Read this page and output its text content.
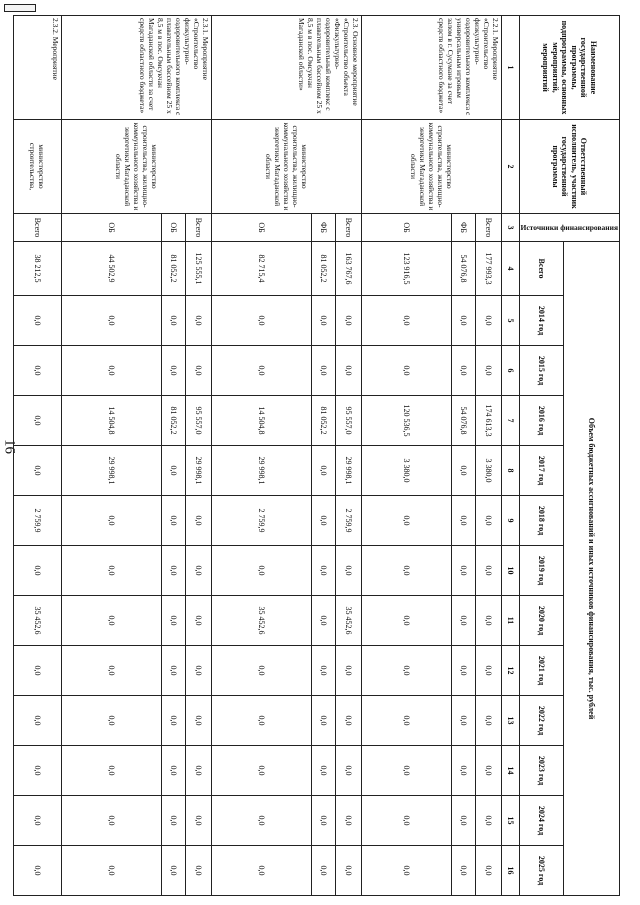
16
Наименование государственной программы, подпрограммы, основных мероприятий, мероприятий	Ответственный исполнитель, участник государственной программы	Источники финансирования	Объем бюджетных ассигнований и иных источников финансирования, тыс. рублей												
			Всего	2014 год	2015 год	2016 год	2017 год	2018 год	2019 год	2020 год	2021 год	2022 год	2023 год	2024 год	2025 год
1	2	3	4	5	6	7	8	9	10	11	12	13	14	15	16
2.2.1. Мероприятие «Строительство физкультурно-оздоровительного комплекса с универсальным игровым залом в г. Сусумане за счет средств областного бюджета»	министерство строительства, жилищно-коммунального хозяйства и энергетики Магаданской области	Всего	177 993,3	0,0	0,0	174 613,3	3 380,0	0,0	0,0	0,0	0,0	0,0	0,0	0,0	0,0
		ФБ	54 076,8	0,0	0,0	54 076,8	0,0	0,0	0,0	0,0	0,0	0,0	0,0	0,0	0,0
		ОБ	123 916,5	0,0	0,0	120 536,5	3 380,0	0,0	0,0	0,0	0,0	0,0	0,0	0,0	0,0
2.3. Основное мероприятие «Строительство объекта «Физкультурно-оздоровительный комплекс с плавательным бассейном 25 х 8,5 м в пос. Омсукчан Магаданской области»	министерство строительства, жилищно-коммунального хозяйства и энергетики Магаданской области	Всего	163 767,6	0,0	0,0	95 557,0	29 998,1	2 759,9	0,0	35 452,6	0,0	0,0	0,0	0,0	0,0
		ФБ	81 052,2	0,0	0,0	81 052,2	0,0	0,0	0,0	0,0	0,0	0,0	0,0	0,0	0,0
		ОБ	82 715,4	0,0	0,0	14 504,8	29 998,1	2 759,9	0,0	35 452,6	0,0	0,0	0,0	0,0	0,0
2.3.1. Мероприятие «Строительство физкультурно-оздоровительного комплекса с плавательным бассейном 25 х 8,5 м в пос. Омсукчан Магаданской области за счет средств областного бюджета»	министерство строительства, жилищно-коммунального хозяйства и энергетики Магаданской области	Всего	125 555,1	0,0	0,0	95 557,0	29 998,1	0,0	0,0	0,0	0,0	0,0	0,0	0,0	0,0
		ОБ	81 052,2	0,0	0,0	81 052,2	0,0	0,0	0,0	0,0	0,0	0,0	0,0	0,0	0,0
		ОБ	44 502,9	0,0	0,0	14 504,8	29 998,1	0,0	0,0	0,0	0,0	0,0	0,0	0,0	0,0
2.3.2. Мероприятие	министерство строительства,	Всего	38 212,5	0,0	0,0	0,0	0,0	2 759,9	0,0	35 452,6	0,0	0,0	0,0	0,0	0,0
